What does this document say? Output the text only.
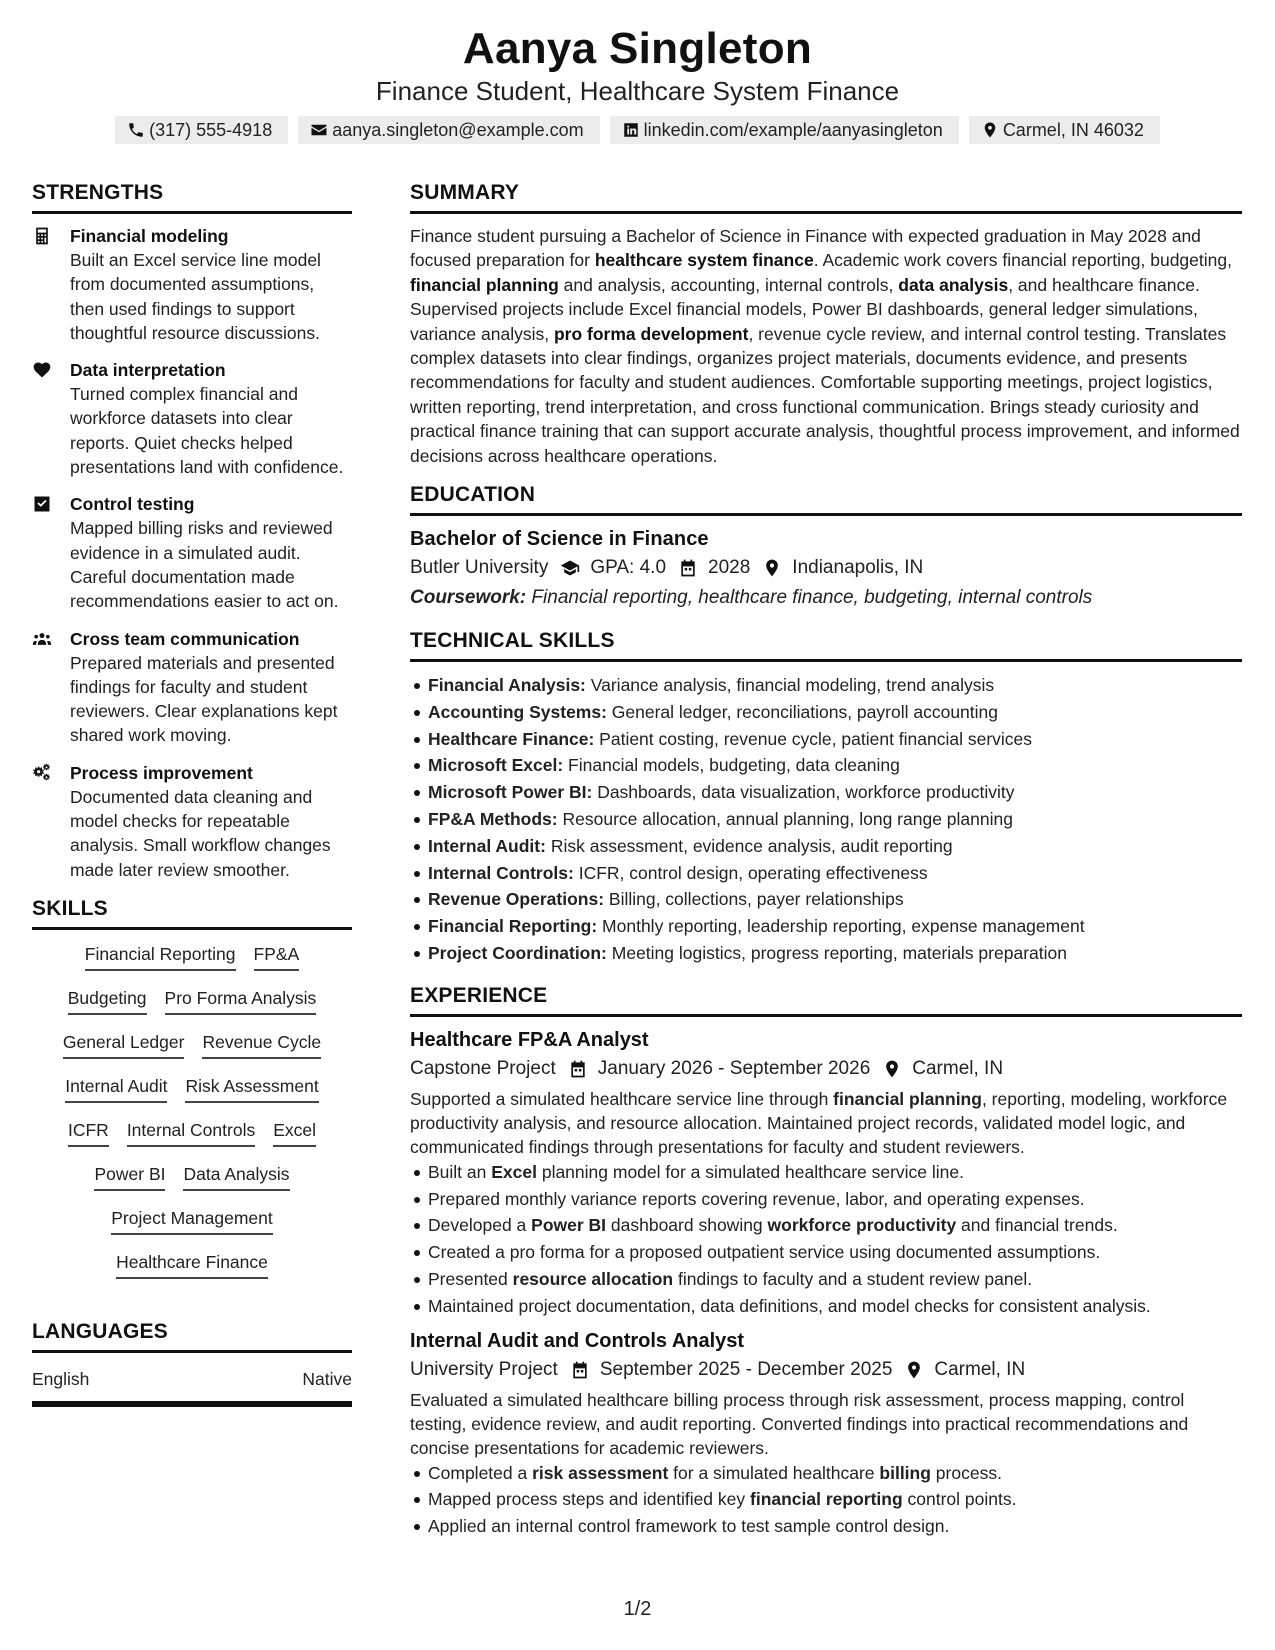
Aanya Singleton
Finance Student, Healthcare System Finance
(317) 555-4918	aanya.singleton@example.com	linkedin.com/example/aanyasingleton	Carmel, IN 46032
STRENGTHS
Financial modeling
Built an Excel service line model from documented assumptions, then used findings to support thoughtful resource discussions.
Data interpretation
Turned complex financial and workforce datasets into clear reports. Quiet checks helped presentations land with confidence.
Control testing
Mapped billing risks and reviewed evidence in a simulated audit. Careful documentation made recommendations easier to act on.
Cross team communication
Prepared materials and presented findings for faculty and student reviewers. Clear explanations kept shared work moving.
Process improvement
Documented data cleaning and model checks for repeatable analysis. Small workflow changes made later review smoother.
SKILLS
Financial Reporting FP&A
Budgeting Pro Forma Analysis
General Ledger Revenue Cycle
Internal Audit Risk Assessment
ICFR Internal Controls Excel
Power BI Data Analysis
Project Management
Healthcare Finance
LANGUAGES
English	Native
SUMMARY
Finance student pursuing a Bachelor of Science in Finance with expected graduation in May 2028 and focused preparation for healthcare system finance. Academic work covers financial reporting, budgeting, financial planning and analysis, accounting, internal controls, data analysis, and healthcare finance. Supervised projects include Excel financial models, Power BI dashboards, general ledger simulations, variance analysis, pro forma development, revenue cycle review, and internal control testing. Translates complex datasets into clear findings, organizes project materials, documents evidence, and presents recommendations for faculty and student audiences. Comfortable supporting meetings, project logistics, written reporting, trend interpretation, and cross functional communication. Brings steady curiosity and practical finance training that can support accurate analysis, thoughtful process improvement, and informed decisions across healthcare operations.
EDUCATION
Bachelor of Science in Finance
Butler University GPA: 4.0 2028 Indianapolis, IN
Coursework: Financial reporting, healthcare finance, budgeting, internal controls
TECHNICAL SKILLS
Financial Analysis: Variance analysis, financial modeling, trend analysis
Accounting Systems: General ledger, reconciliations, payroll accounting
Healthcare Finance: Patient costing, revenue cycle, patient financial services
Microsoft Excel: Financial models, budgeting, data cleaning
Microsoft Power BI: Dashboards, data visualization, workforce productivity
FP&A Methods: Resource allocation, annual planning, long range planning
Internal Audit: Risk assessment, evidence analysis, audit reporting
Internal Controls: ICFR, control design, operating effectiveness
Revenue Operations: Billing, collections, payer relationships
Financial Reporting: Monthly reporting, leadership reporting, expense management
Project Coordination: Meeting logistics, progress reporting, materials preparation
EXPERIENCE
Healthcare FP&A Analyst
Capstone Project January 2026 - September 2026 Carmel, IN
Supported a simulated healthcare service line through financial planning, reporting, modeling, workforce productivity analysis, and resource allocation. Maintained project records, validated model logic, and communicated findings through presentations for faculty and student reviewers.
Built an Excel planning model for a simulated healthcare service line.
Prepared monthly variance reports covering revenue, labor, and operating expenses.
Developed a Power BI dashboard showing workforce productivity and financial trends.
Created a pro forma for a proposed outpatient service using documented assumptions.
Presented resource allocation findings to faculty and a student review panel.
Maintained project documentation, data definitions, and model checks for consistent analysis.
Internal Audit and Controls Analyst
University Project September 2025 - December 2025 Carmel, IN
Evaluated a simulated healthcare billing process through risk assessment, process mapping, control testing, evidence review, and audit reporting. Converted findings into practical recommendations and concise presentations for academic reviewers.
Completed a risk assessment for a simulated healthcare billing process.
Mapped process steps and identified key financial reporting control points.
Applied an internal control framework to test sample control design.
1/2
